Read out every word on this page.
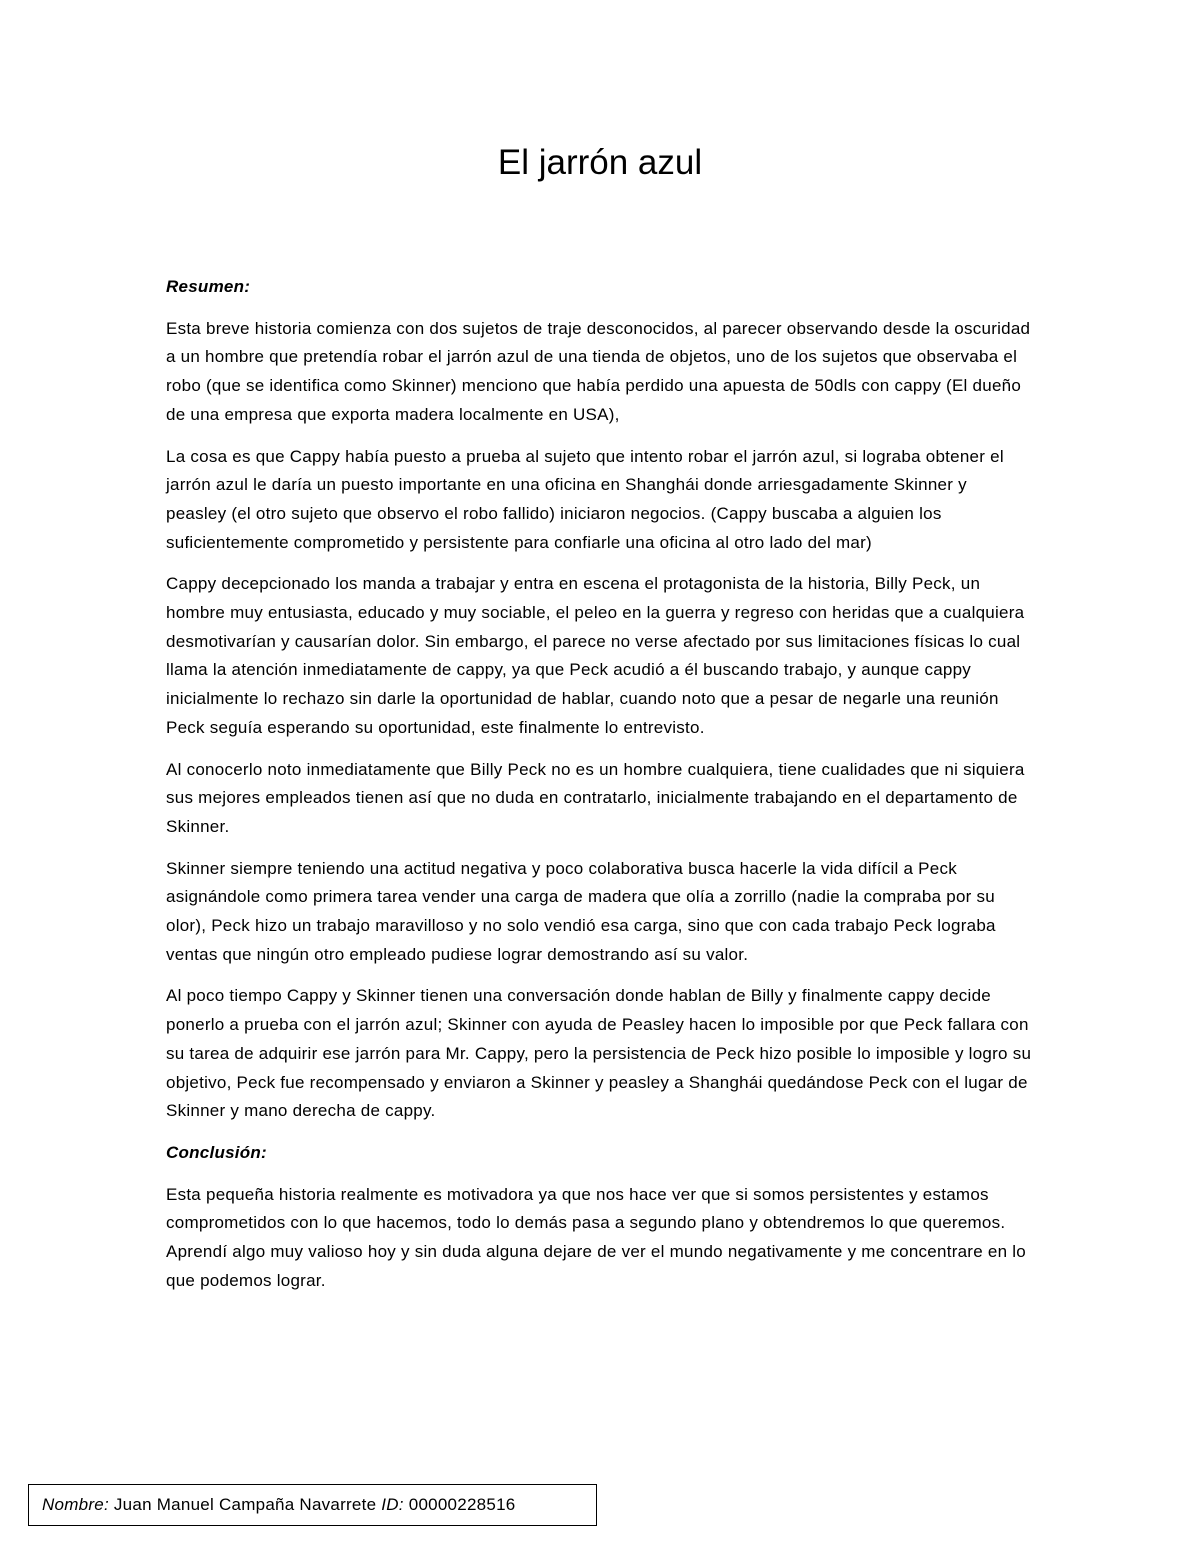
El jarrón azul

Resumen:

Esta breve historia comienza con dos sujetos de traje desconocidos, al parecer observando desde la oscuridad a un hombre que pretendía robar el jarrón azul de una tienda de objetos, uno de los sujetos que observaba el robo (que se identifica como Skinner) menciono que había perdido una apuesta de 50dls con cappy (El dueño de una empresa que exporta madera localmente en USA),

La cosa es que Cappy había puesto a prueba al sujeto que intento robar el jarrón azul, si lograba obtener el jarrón azul le daría un puesto importante en una oficina en Shanghái donde arriesgadamente Skinner y peasley (el otro sujeto que observo el robo fallido) iniciaron negocios. (Cappy buscaba a alguien los suficientemente comprometido y persistente para confiarle una oficina al otro lado del mar)

Cappy decepcionado los manda a trabajar y entra en escena el protagonista de la historia, Billy Peck, un hombre muy entusiasta, educado y muy sociable, el peleo en la guerra y regreso con heridas que a cualquiera desmotivarían y causarían dolor. Sin embargo, el parece no verse afectado por sus limitaciones físicas lo cual llama la atención inmediatamente de cappy, ya que Peck acudió a él buscando trabajo, y aunque cappy inicialmente lo rechazo sin darle la oportunidad de hablar, cuando noto que a pesar de negarle una reunión Peck seguía esperando su oportunidad, este finalmente lo entrevisto.

Al conocerlo noto inmediatamente que Billy Peck no es un hombre cualquiera, tiene cualidades que ni siquiera sus mejores empleados tienen así que no duda en contratarlo, inicialmente trabajando en el departamento de Skinner.

Skinner siempre teniendo una actitud negativa y poco colaborativa busca hacerle la vida difícil a Peck asignándole como primera tarea vender una carga de madera que olía a zorrillo (nadie la compraba por su olor), Peck hizo un trabajo maravilloso y no solo vendió esa carga, sino que con cada trabajo Peck lograba ventas que ningún otro empleado pudiese lograr demostrando así su valor.

Al poco tiempo Cappy y Skinner tienen una conversación donde hablan de Billy y finalmente cappy decide ponerlo a prueba con el jarrón azul; Skinner con ayuda de Peasley hacen lo imposible por que Peck fallara con su tarea de adquirir ese jarrón para Mr. Cappy, pero la persistencia de Peck hizo posible lo imposible y logro su objetivo, Peck fue recompensado y enviaron a Skinner y peasley a Shanghái quedándose Peck con el lugar de Skinner y mano derecha de cappy.

Conclusión:

Esta pequeña historia realmente es motivadora ya que nos hace ver que si somos persistentes y estamos comprometidos con lo que hacemos, todo lo demás pasa a segundo plano y obtendremos lo que queremos. Aprendí algo muy valioso hoy y sin duda alguna dejare de ver el mundo negativamente y me concentrare en lo que podemos lograr.

Nombre: Juan Manuel Campaña Navarrete ID: 00000228516
